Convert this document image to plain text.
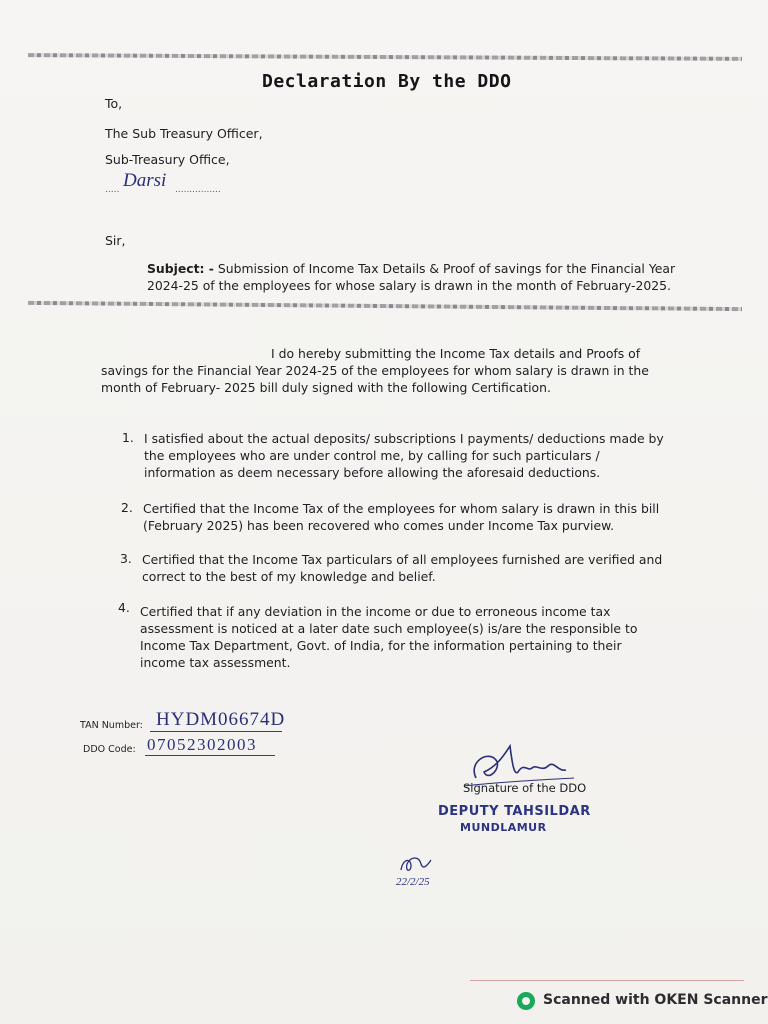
Declaration By the DDO
To,
The Sub Treasury Officer,
Sub-Treasury Office,
..... Darsi ................
Sir,
Subject: - Submission of Income Tax Details & Proof of savings for the Financial Year
2024-25 of the employees for whose salary is drawn in the month of February-2025.
I do hereby submitting the Income Tax details and Proofs of
savings for the Financial Year 2024-25 of the employees for whom salary is drawn in the
month of February- 2025 bill duly signed with the following Certification.
1. I satisfied about the actual deposits/ subscriptions I payments/ deductions made by
the employees who are under control me, by calling for such particulars /
information as deem necessary before allowing the aforesaid deductions.
2. Certified that the Income Tax of the employees for whom salary is drawn in this bill
(February 2025) has been recovered who comes under Income Tax purview.
3. Certified that the Income Tax particulars of all employees furnished are verified and
correct to the best of my knowledge and belief.
4. Certified that if any deviation in the income or due to erroneous income tax
assessment is noticed at a later date such employee(s) is/are the responsible to
Income Tax Department, Govt. of India, for the information pertaining to their
income tax assessment.
TAN Number: HYDM06674D
DDO Code: 07052302003
Signature of the DDO
DEPUTY TAHSILDAR
MUNDLAMUR
22/2/25
Scanned with OKEN Scanner
